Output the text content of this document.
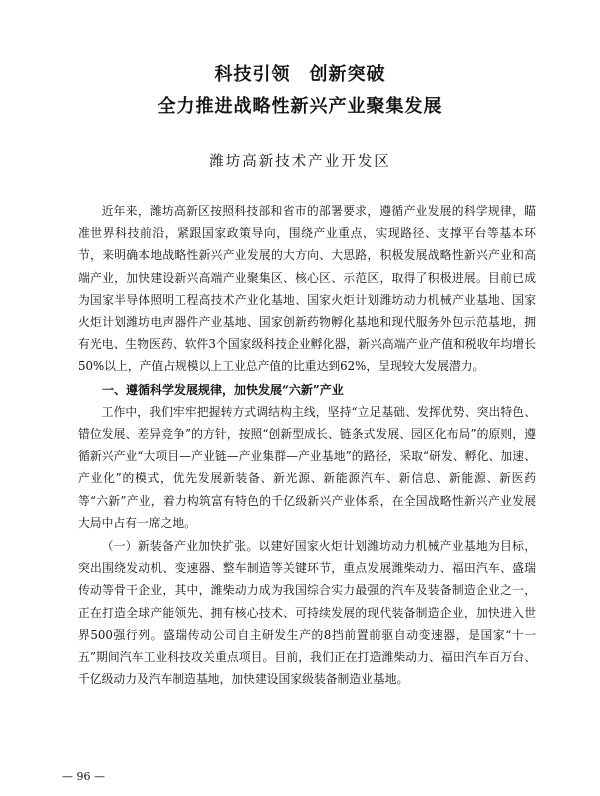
科技引领　创新突破
全力推进战略性新兴产业聚集发展
潍坊高新技术产业开发区

近年来，潍坊高新区按照科技部和省市的部署要求，遵循产业发展的科学规律，瞄准世界科技前沿，紧跟国家政策导向，围绕产业重点，实现路径、支撑平台等基本环节，来明确本地战略性新兴产业发展的大方向、大思路，积极发展战略性新兴产业和高端产业，加快建设新兴高端产业聚集区、核心区、示范区，取得了积极进展。目前已成为国家半导体照明工程高技术产业化基地、国家火炬计划潍坊动力机械产业基地、国家火炬计划潍坊电声器件产业基地、国家创新药物孵化基地和现代服务外包示范基地，拥有光电、生物医药、软件3个国家级科技企业孵化器，新兴高端产业产值和税收年均增长50%以上，产值占规模以上工业总产值的比重达到62%，呈现较大发展潜力。

一、遵循科学发展规律，加快发展“六新”产业

工作中，我们牢牢把握转方式调结构主线，坚持“立足基础、发挥优势、突出特色、错位发展、差异竞争”的方针，按照“创新型成长、链条式发展、园区化布局”的原则，遵循新兴产业“大项目—产业链—产业集群—产业基地”的路径，采取“研发、孵化、加速、产业化”的模式，优先发展新装备、新光源、新能源汽车、新信息、新能源、新医药等“六新”产业，着力构筑富有特色的千亿级新兴产业体系，在全国战略性新兴产业发展大局中占有一席之地。

（一）新装备产业加快扩张。以建好国家火炬计划潍坊动力机械产业基地为目标，突出围绕发动机、变速器、整车制造等关键环节，重点发展潍柴动力、福田汽车、盛瑞传动等骨干企业，其中，潍柴动力成为我国综合实力最强的汽车及装备制造企业之一，正在打造全球产能领先、拥有核心技术、可持续发展的现代装备制造企业，加快进入世界500强行列。盛瑞传动公司自主研发生产的8挡前置前驱自动变速器，是国家“十一五”期间汽车工业科技攻关重点项目。目前，我们正在打造潍柴动力、福田汽车百万台、千亿级动力及汽车制造基地，加快建设国家级装备制造业基地。

— 96 —
